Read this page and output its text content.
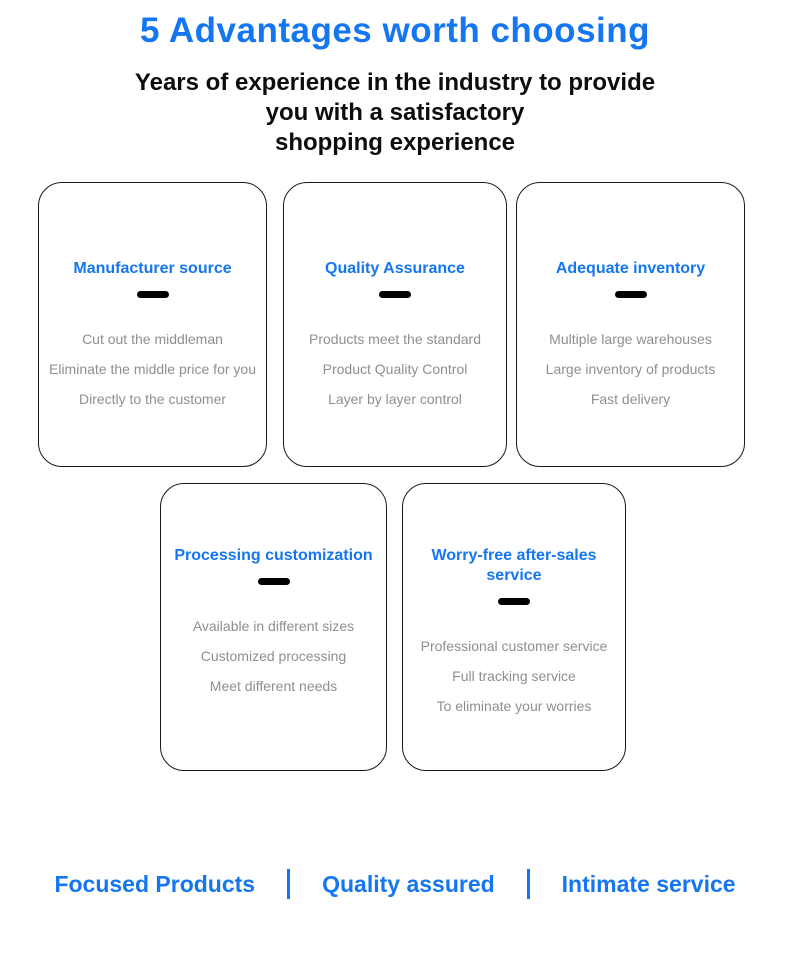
5 Advantages worth choosing
Years of experience in the industry to provide
you with a satisfactory
shopping experience
Manufacturer source
Cut out the middleman
Eliminate the middle price for you
Directly to the customer
Quality Assurance
Products meet the standard
Product Quality Control
Layer by layer control
Adequate inventory
Multiple large warehouses
Large inventory of products
Fast delivery
Processing customization
Available in different sizes
Customized processing
Meet different needs
Worry-free after-sales service
Professional customer service
Full tracking service
To eliminate your worries
Focused Products	Quality assured	Intimate service
